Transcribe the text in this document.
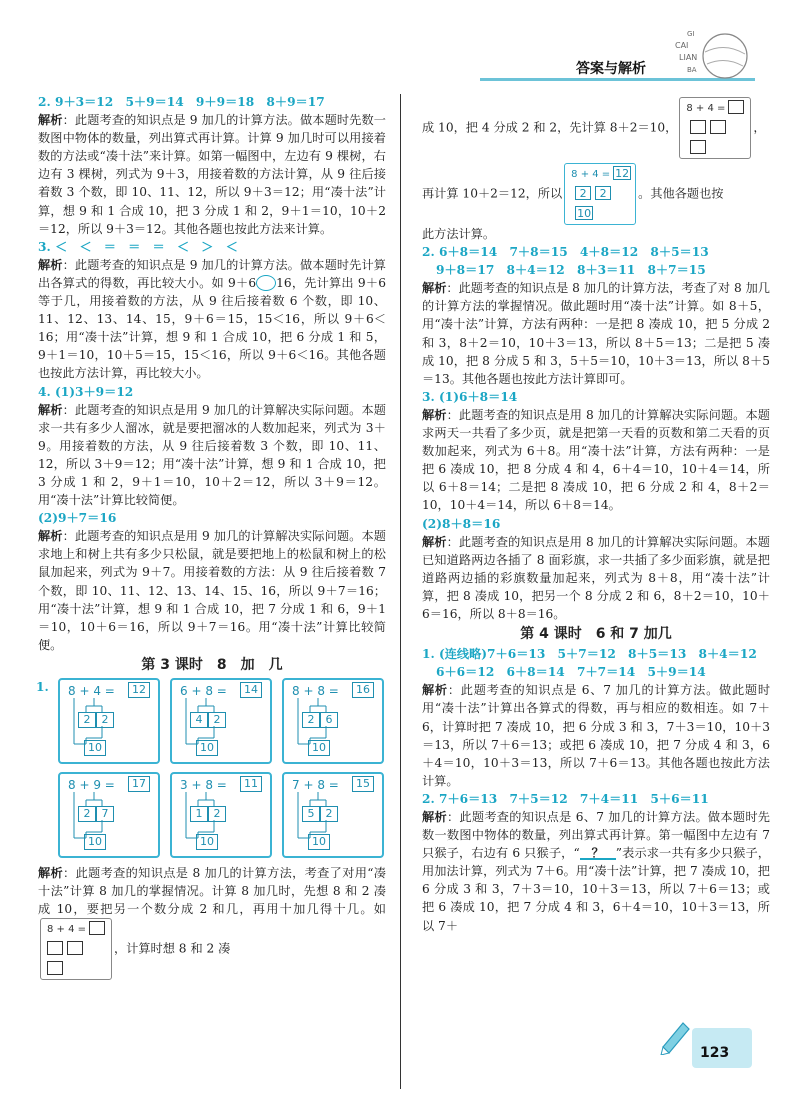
答案与解析
GI
CAI
LIAN
BA

2. 9＋3＝12　5＋9＝14　9＋9＝18　8＋9＝17

解析：此题考查的知识点是 9 加几的计算方法。做本题时先数一数图中物体的数量，列出算式再计算。计算 9 加几时可以用接着数的方法或“凑十法”来计算。如第一幅图中，左边有 9 棵树，右边有 3 棵树，列式为 9＋3，用接着数的方法计算，从 9 往后接着数 3 个数，即 10、11、12，所以 9＋3＝12；用“凑十法”计算，想 9 和 1 合成 10，把 3 分成 1 和 2，9＋1＝10，10＋2＝12，所以 9＋3＝12。其他各题也按此方法来计算。

3. ＜　＜　＝　＝　＝　＜　＞　＜

解析：此题考查的知识点是 9 加几的计算方法。做本题时先计算出各算式的得数，再比较大小。如 9＋6 16，先计算出 9＋6 等于几，用接着数的方法，从 9 往后接着数 6 个数，即 10、11、12、13、14、15，9＋6＝15，15＜16，所以 9＋6＜16；用“凑十法”计算，想 9 和 1 合成 10，把 6 分成 1 和 5，9＋1＝10，10＋5＝15，15＜16，所以 9＋6＜16。其他各题也按此方法计算，再比较大小。

4. (1)3＋9＝12

解析：此题考查的知识点是用 9 加几的计算解决实际问题。本题求一共有多少人溜冰，就是要把溜冰的人数加起来，列式为 3＋9。用接着数的方法，从 9 往后接着数 3 个数，即 10、11、12，所以 3＋9＝12；用“凑十法”计算，想 9 和 1 合成 10，把 3 分成 1 和 2，9＋1＝10，10＋2＝12，所以 3＋9＝12。用“凑十法”计算比较简便。

(2)9＋7＝16

解析：此题考查的知识点是用 9 加几的计算解决实际问题。本题求地上和树上共有多少只松鼠，就是要把地上的松鼠和树上的松鼠加起来，列式为 9＋7。用接着数的方法：从 9 往后接着数 7 个数，即 10、11、12、13、14、15、16，所以 9＋7＝16；用“凑十法”计算，想 9 和 1 合成 10，把 7 分成 1 和 6，9＋1＝10，10＋6＝16，所以 9＋7＝16。用“凑十法”计算比较简便。

第 3 课时　8　加　几
1. 8 + 4 =	12
2	2
10
6 + 8 =	14
4	2
10
8 + 8 =	16
2	6
10
8 + 9 =	17
2	7
10
3 + 8 =	11
1	2
10
7 + 8 =	15
5	2
10

解析：此题考查的知识点是 8 加几的计算方法，考查了对用“凑十法”计算 8 加几的掌握情况。计算 8 加几时，先想 8 和 2 凑成 10，要把另一个数分成 2 和几，再用十加几得十几。如
8 + 4 =
，计算时想 8 和 2 凑

成 10，把 4 分成 2 和 2，先计算 8＋2＝10，
8 + 4 =
，

再计算 10＋2＝12，所以
8 + 4 = 12
2	2
10
。其他各题也按

此方法计算。

2. 6＋8＝14　7＋8＝15　4＋8＝12　8＋5＝13

9＋8＝17　8＋4＝12　8＋3＝11　8＋7＝15

解析：此题考查的知识点是 8 加几的计算方法，考查了对 8 加几的计算方法的掌握情况。做此题时用“凑十法”计算。如 8＋5，用“凑十法”计算，方法有两种：一是把 8 凑成 10，把 5 分成 2 和 3，8＋2＝10，10＋3＝13，所以 8＋5＝13；二是把 5 凑成 10，把 8 分成 5 和 3，5＋5＝10，10＋3＝13，所以 8＋5＝13。其他各题也按此方法计算即可。

3. (1)6＋8＝14

解析：此题考查的知识点是用 8 加几的计算解决实际问题。本题求两天一共看了多少页，就是把第一天看的页数和第二天看的页数加起来，列式为 6＋8。用“凑十法”计算，方法有两种：一是把 6 凑成 10，把 8 分成 4 和 4，6＋4＝10，10＋4＝14，所以 6＋8＝14；二是把 8 凑成 10，把 6 分成 2 和 4，8＋2＝10，10＋4＝14，所以 6＋8＝14。

(2)8＋8＝16

解析：此题考查的知识点是用 8 加几的计算解决实际问题。本题已知道路两边各插了 8 面彩旗，求一共插了多少面彩旗，就是把道路两边插的彩旗数量加起来，列式为 8＋8，用“凑十法”计算，把 8 凑成 10，把另一个 8 分成 2 和 6，8＋2＝10，10＋6＝16，所以 8＋8＝16。

第 4 课时　6 和 7 加几

1. (连线略)7＋6＝13　5＋7＝12　8＋5＝13　8＋4＝12

6＋6＝12　6＋8＝14　7＋7＝14　5＋9＝14

解析：此题考查的知识点是 6、7 加几的计算方法。做此题时用“凑十法”计算出各算式的得数，再与相应的数相连。如 7＋6，计算时把 7 凑成 10，把 6 分成 3 和 3，7＋3＝10，10＋3＝13，所以 7＋6＝13；或把 6 凑成 10，把 7 分成 4 和 3，6＋4＝10，10＋3＝13，所以 7＋6＝13。其他各题也按此方法计算。

2. 7＋6＝13　7＋5＝12　7＋4＝11　5＋6＝11

解析：此题考查的知识点是 6、7 加几的计算方法。做本题时先数一数图中物体的数量，列出算式再计算。第一幅图中左边有 7 只猴子，右边有 6 只猴子，“ ？ ”表示求一共有多少只猴子，用加法计算，列式为 7＋6。用“凑十法”计算，把 7 凑成 10，把 6 分成 3 和 3，7＋3＝10，10＋3＝13，所以 7＋6＝13；或把 6 凑成 10，把 7 分成 4 和 3，6＋4＝10，10＋3＝13，所以 7＋

123
